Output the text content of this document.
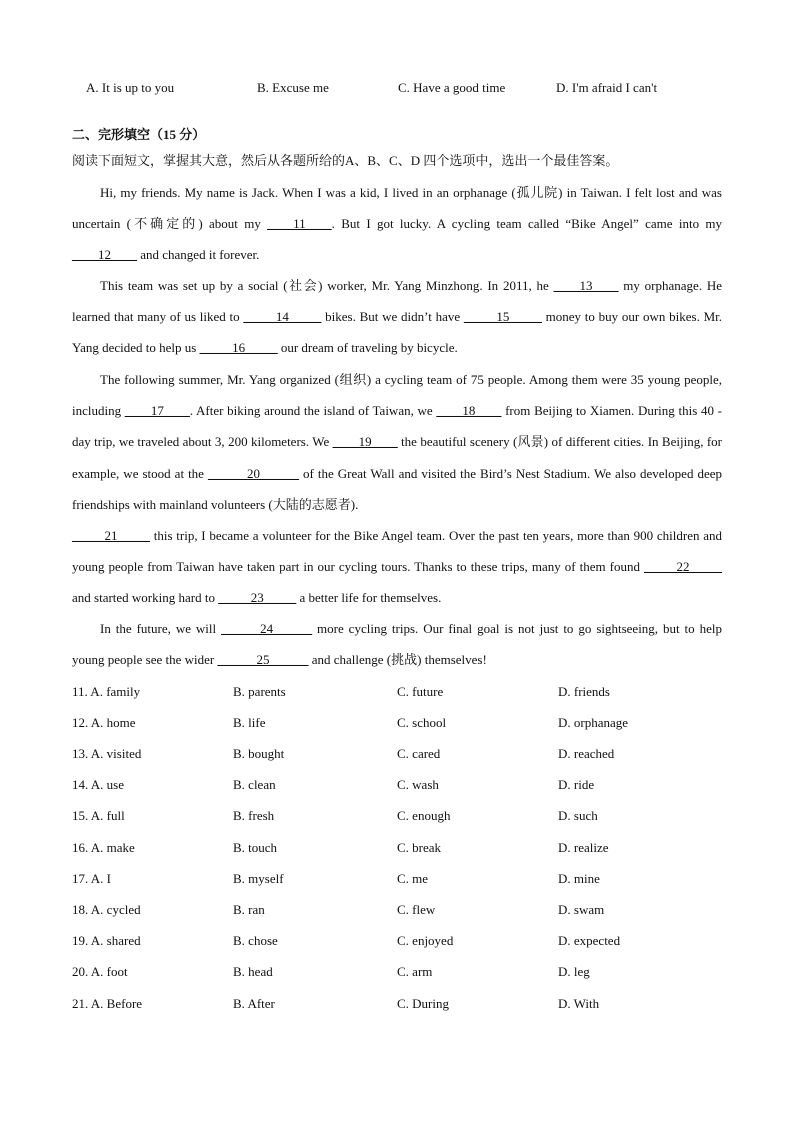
A. It is up to you	B. Excuse me	C. Have a good time	D. I'm afraid I can't
二、完形填空（15 分）
阅读下面短文，掌握其大意，然后从各题所给的A、B、C、D 四个选项中，选出一个最佳答案。

Hi, my friends. My name is Jack. When I was a kid, I lived in an orphanage (孤儿院) in Taiwan. I felt lost and was uncertain (不确定的) about my ____11____. But I got lucky. A cycling team called “Bike Angel” came into my ____12____ and changed it forever.

This team was set up by a social (社会) worker, Mr. Yang Minzhong. In 2011, he ____13____ my orphanage. He learned that many of us liked to _____14_____ bikes. But we didn’t have _____15_____ money to buy our own bikes. Mr. Yang decided to help us _____16_____ our dream of traveling by bicycle.

The following summer, Mr. Yang organized (组织) a cycling team of 75 people. Among them were 35 young people, including ____17____. After biking around the island of Taiwan, we ____18____ from Beijing to Xiamen. During this 40 -day trip, we traveled about 3, 200 kilometers. We ____19____ the beautiful scenery (风景) of different cities. In Beijing, for example, we stood at the ______20______ of the Great Wall and visited the Bird’s Nest Stadium. We also developed deep friendships with mainland volunteers (大陆的志愿者).

_____21_____ this trip, I became a volunteer for the Bike Angel team. Over the past ten years, more than 900 children and young people from Taiwan have taken part in our cycling tours. Thanks to these trips, many of them found _____22_____ and started working hard to _____23_____ a better life for themselves.

In the future, we will ______24______ more cycling trips. Our final goal is not just to go sightseeing, but to help young people see the wider ______25______ and challenge (挑战) themselves!

11. A. family	B. parents	C. future	D. friends
12. A. home	B. life	C. school	D. orphanage
13. A. visited	B. bought	C. cared	D. reached
14. A. use	B. clean	C. wash	D. ride
15. A. full	B. fresh	C. enough	D. such
16. A. make	B. touch	C. break	D. realize
17. A. I	B. myself	C. me	D. mine
18. A. cycled	B. ran	C. flew	D. swam
19. A. shared	B. chose	C. enjoyed	D. expected
20. A. foot	B. head	C. arm	D. leg
21. A. Before	B. After	C. During	D. With
